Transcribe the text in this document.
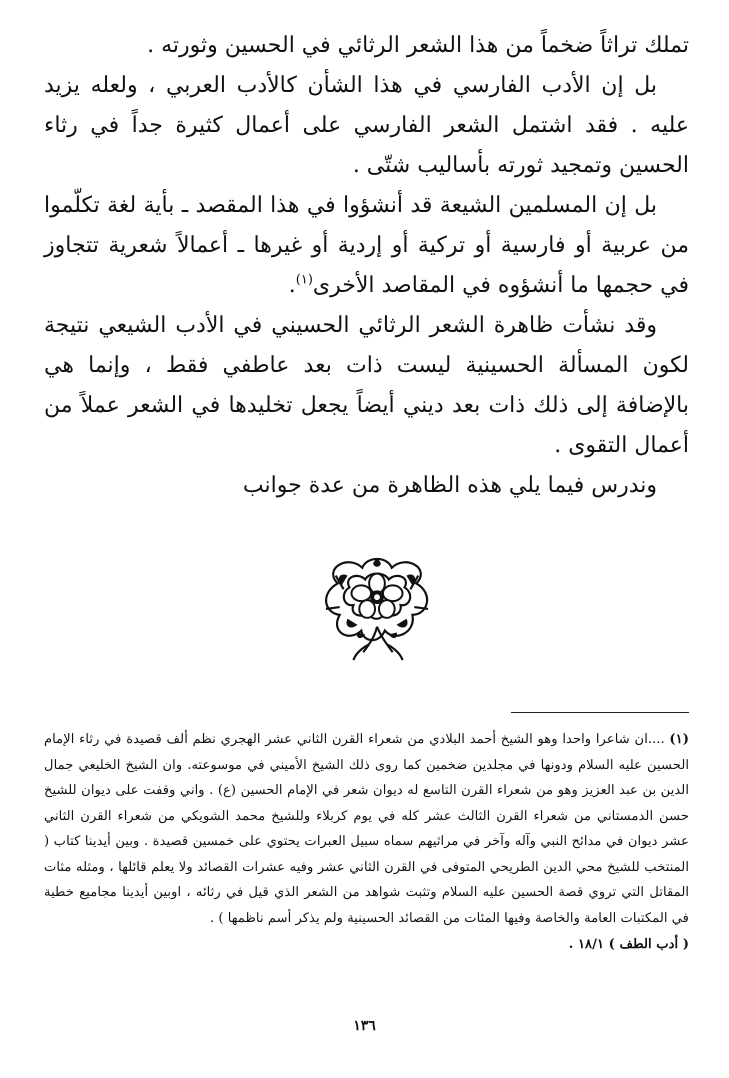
تملك تراثاً ضخماً من هذا الشعر الرثائي في الحسين وثورته .

بل إن الأدب الفارسي في هذا الشأن كالأدب العربي ، ولعله يزيد عليه . فقد اشتمل الشعر الفارسي على أعمال كثيرة جداً في رثاء الحسين وتمجيد ثورته بأساليب شتّى .

بل إن المسلمين الشيعة قد أنشؤوا في هذا المقصد ـ بأية لغة تكلّموا من عربية أو فارسية أو تركية أو إردية أو غيرها ـ أعمالاً شعرية تتجاوز في حجمها ما أنشؤوه في المقاصد الأخرى$^{(١)}$.

وقد نشأت ظاهرة الشعر الرثائي الحسيني في الأدب الشيعي نتيجة لكون المسألة الحسينية ليست ذات بعد عاطفي فقط ، وإنما هي بالإضافة إلى ذلك ذات بعد ديني أيضاً يجعل تخليدها في الشعر عملاً من أعمال التقوى .

وندرس فيما يلي هذه الظاهرة من عدة جوانب

(١) ....ان شاعرا واحدا وهو الشيخ أحمد البلادي من شعراء القرن الثاني عشر الهجري نظم ألف قصيدة في رثاء الإمام الحسين عليه السلام ودونها في مجلدين ضخمين كما روى ذلك الشيخ الأميني في موسوعته. وان الشيخ الخليعي جمال الدين بن عبد العزيز وهو من شعراء القرن التاسع له ديوان شعر في الإمام الحسين (ع) . واني وقفت على ديوان للشيخ حسن الدمستاني من شعراء القرن الثالث عشر كله في يوم كربلاء وللشيخ محمد الشويكي من شعراء القرن الثاني عشر ديوان في مدائح النبي وآله وآخر في مراثيهم سماه سبيل العبرات يحتوي على خمسين قصيدة . وبين أيدينا كتاب ( المنتخب للشيخ محي الدين الطريحي المتوفى في القرن الثاني عشر وفيه عشرات القصائد ولا يعلم قائلها ، ومثله مثات المقاتل التي تروي قصة الحسين عليه السلام وتثبت شواهد من الشعر الذي قيل في رثائه ، اوبين أيدينا مجاميع خطية في المكتبات العامة والخاصة وفيها المئات من القصائد الحسينية ولم يذكر أسم ناظمها ) .

( أدب الطف ) ١٨/١ .

١٣٦
